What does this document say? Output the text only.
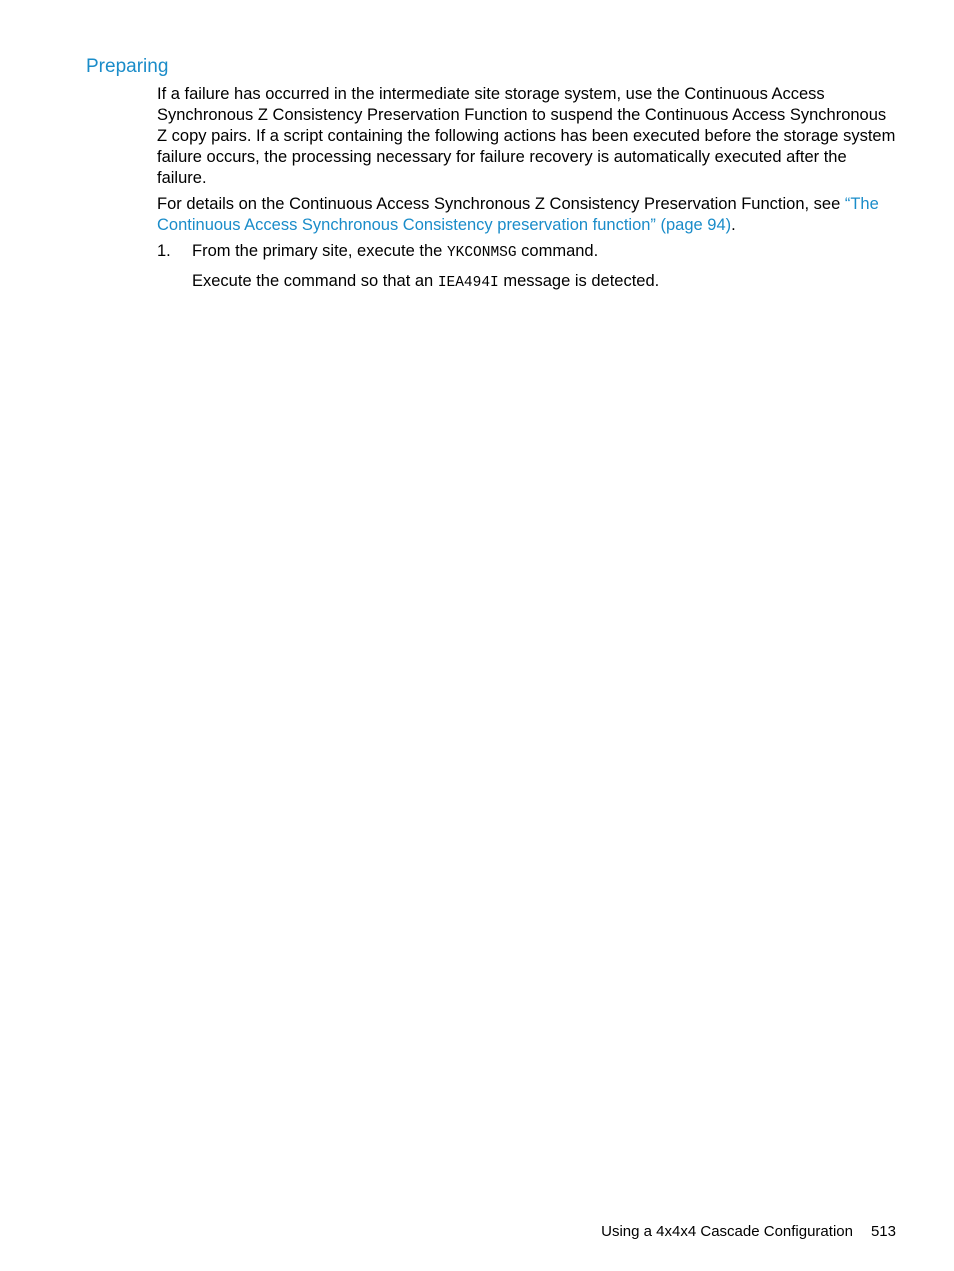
Preparing

If a failure has occurred in the intermediate site storage system, use the Continuous Access Synchronous Z Consistency Preservation Function to suspend the Continuous Access Synchronous Z copy pairs. If a script containing the following actions has been executed before the storage system failure occurs, the processing necessary for failure recovery is automatically executed after the failure.

For details on the Continuous Access Synchronous Z Consistency Preservation Function, see “The Continuous Access Synchronous Consistency preservation function” (page 94).

1. From the primary site, execute the YKCONMSG command.

Execute the command so that an IEA494I message is detected.

Using a 4x4x4 Cascade Configuration 513
